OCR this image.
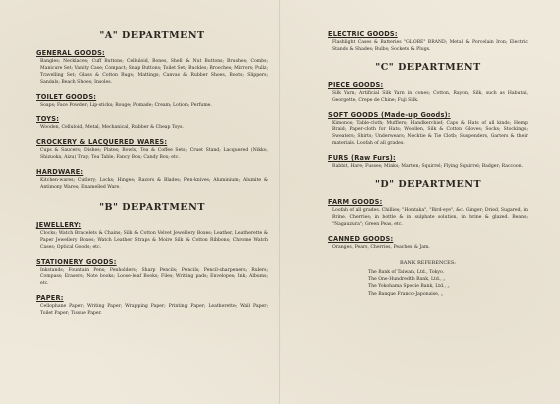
"A" DEPARTMENT
GENERAL GOODS:
Bangles; Necklaces; Cuff Buttons; Celluloid, Bones, Shell & Nut Buttons; Brushes; Combs; Manicure Set; Vanity Case; Compact; Snap Buttons; Toilet Set; Buckles; Brooches; Mirrors; Pullz; Travelling Set; Glass & Cotton Rugs; Mattings; Canvas & Rubber Shoes, Boots; Slippers; Sandals; Beach Shoes; Insoles.
TOILET GOODS:
Soaps; Face Powder; Lip-sticks; Rouge; Pomade; Cream; Lotion; Perfume.
TOYS:
Wooden, Celluloid, Metal, Mechanical, Rubber & Cheap Toys.
CROCKERY & LACQUERED WARES:
Cups & Saucers; Dishes; Plates; Bowls, Tea & Coffee Sets; Cruet Stand; Lacquered (Nikko, Shizuoka, Aizu) Tray; Tea Table; Fancy Box; Candy Box; etc.
HARDWARE:
Kitchen-wares; Cutlery; Locks; Hinges; Razors & Blades; Pen-knives; Aluminium; Alumite & Antimony Wares; Enamelled Ware.
"B" DEPARTMENT
JEWELLERY:
Clocks; Watch Bracelets & Chains; Silk & Cotton Velvet Jewellery Boxes; Leather, Leatherette & Paper Jewellery Boxes; Watch Leather Straps & Moire Silk & Cotton Ribbons; Chrome Watch Cases; Optical Goods; etc.
STATIONERY GOODS:
Inkstands; Fountain Pens; Penholders; Sharp Pencils; Pencils; Pencil-sharpeners; Rulers; Compass; Erasers; Note books; Loose-leaf Books; Files; Writing pads; Envelopes; Ink; Albums; etc.
PAPER:
Cellophane Paper; Writing Paper; Wrapping Paper; Printing Paper; Leatherette; Wall Paper; Toilet Paper; Tissue Paper.
ELECTRIC GOODS:
Flashlight Cases & Batteries "GLOBE" BRAND; Metal & Porcelain Iron; Electric Stands & Shades; Bulbs; Sockets & Plugs.
"C" DEPARTMENT
PIECE GOODS:
Silk Yarn; Artificial Silk Yarn in cones; Cotton, Rayon, Silk, such as Habutai, Georgette, Crepe de Chine; Fuji Silk.
SOFT GOODS (Made-up Goods):
Kimonos; Table-cloth; Mufflers; Handkerchief; Caps & Hats of all kinds; Hemp Braid; Paper-cloth for Hats; Woollen, Silk & Cotton Gloves; Socks; Stockings; Sweaters; Shirts; Underwears; Necktie & Tie Clotb; Suspenders, Garters & their materials. Loofah of all grades.
FURS (Raw Furs):
Rabbit, Hare; Fusses; Minks; Marten; Squirrel; Flying Squirrel; Badger; Raccoon.
"D" DEPARTMENT
FARM GOODS:
Loofah of all grades. Chillies; "Hontaka", "Bird-eye", &c. Ginger; Dried, Sugared, in Brine. Cherries; in bottle & in sulphate solution, in brine & glazed. Beans; "Nagauzura"; Green Peas, etc.
CANNED GOODS:
Oranges, Pears, Cherries, Peaches & Jam.
BANK REFERENCES:
The Bank of Taiwan, Ltd., Tokyo.
The One-Hundredth Bank, Ltd., „
The Yokohama Specie Bank, Ltd., „
The Banque Franco-Japonaise, „
